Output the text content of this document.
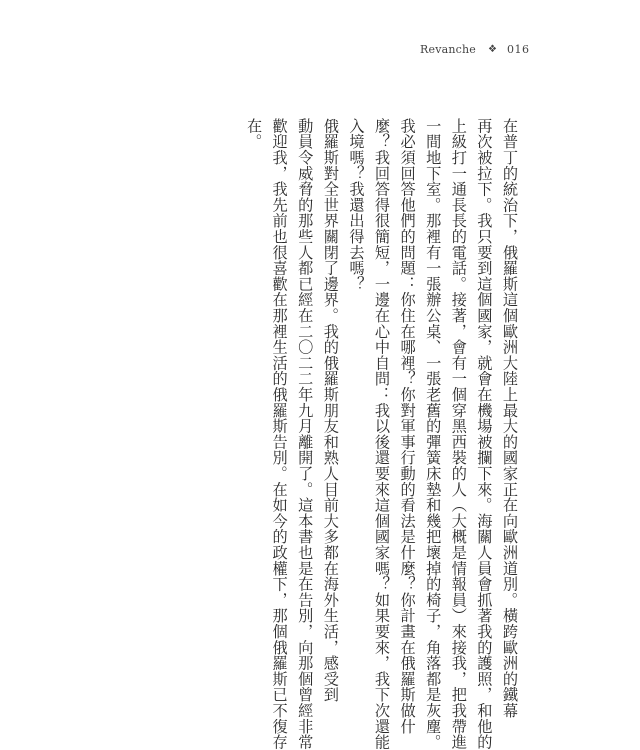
Revanche ❖ 016
在普丁的統治下，俄羅斯這個歐洲大陸上最大的國家正在向歐洲道別。橫跨歐洲的鐵幕
再次被拉下。我只要到這個國家，就會在機場被攔下來。海關人員會抓著我的護照，和他的
上級打一通長長的電話。接著，會有一個穿黑西裝的人（大概是情報員）來接我，把我帶進
一間地下室。那裡有一張辦公桌、一張老舊的彈簧床墊和幾把壞掉的椅子，角落都是灰塵。
我必須回答他們的問題：你住在哪裡？你對軍事行動的看法是什麼？你計畫在俄羅斯做什
麼？我回答得很簡短，一邊在心中自問：我以後還要來這個國家嗎？如果要來，我下次還能
入境嗎？我還出得去嗎？
俄羅斯對全世界關閉了邊界。我的俄羅斯朋友和熟人目前大多都在海外生活，感受到
動員令威脅的那些人都已經在二〇二二年九月離開了。這本書也是在告別，向那個曾經非常
歡迎我，我先前也很喜歡在那裡生活的俄羅斯告別。在如今的政權下，那個俄羅斯已不復存
在。
